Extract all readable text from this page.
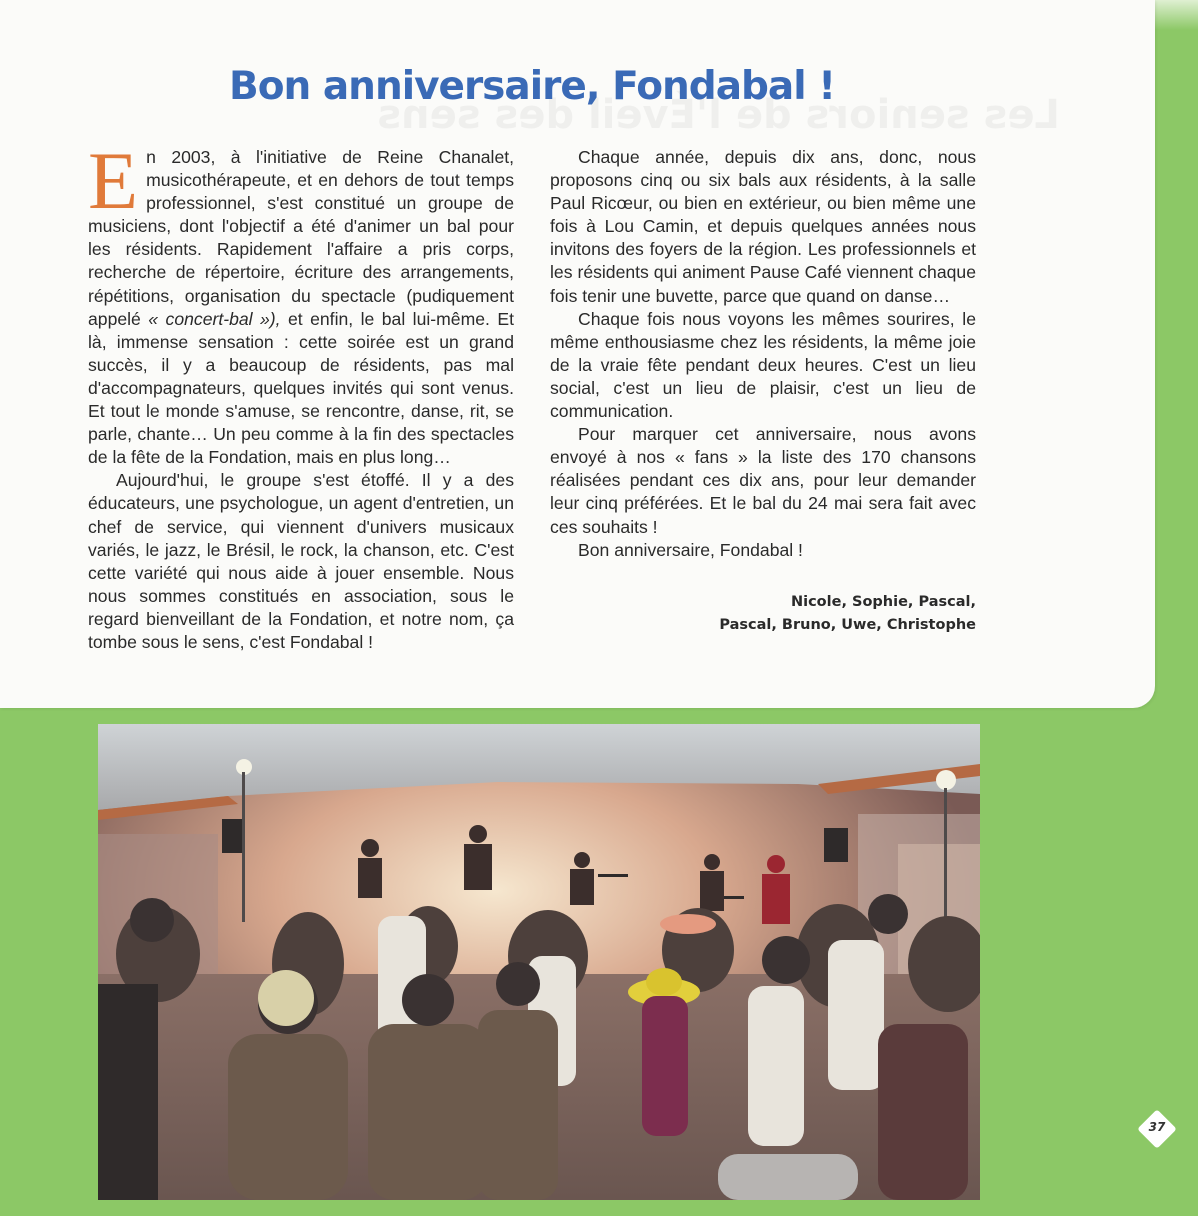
Bon anniversaire, Fondabal !

En 2003, à l'initiative de Reine Chanalet, musicothérapeute, et en dehors de tout temps professionnel, s'est constitué un groupe de musiciens, dont l'objectif a été d'animer un bal pour les résidents. Rapidement l'affaire a pris corps, recherche de répertoire, écriture des arrangements, répétitions, organisation du spectacle (pudiquement appelé « concert-bal »), et enfin, le bal lui-même. Et là, immense sensation : cette soirée est un grand succès, il y a beaucoup de résidents, pas mal d'accompagnateurs, quelques invités qui sont venus. Et tout le monde s'amuse, se rencontre, danse, rit, se parle, chante… Un peu comme à la fin des spectacles de la fête de la Fondation, mais en plus long…

Aujourd'hui, le groupe s'est étoffé. Il y a des éducateurs, une psychologue, un agent d'entretien, un chef de service, qui viennent d'univers musicaux variés, le jazz, le Brésil, le rock, la chanson, etc. C'est cette variété qui nous aide à jouer ensemble. Nous nous sommes constitués en association, sous le regard bienveillant de la Fondation, et notre nom, ça tombe sous le sens, c'est Fondabal !

Chaque année, depuis dix ans, donc, nous proposons cinq ou six bals aux résidents, à la salle Paul Ricœur, ou bien en extérieur, ou bien même une fois à Lou Camin, et depuis quelques années nous invitons des foyers de la région. Les professionnels et les résidents qui animent Pause Café viennent chaque fois tenir une buvette, parce que quand on danse…

Chaque fois nous voyons les mêmes sourires, le même enthousiasme chez les résidents, la même joie de la vraie fête pendant deux heures. C'est un lieu social, c'est un lieu de plaisir, c'est un lieu de communication.

Pour marquer cet anniversaire, nous avons envoyé à nos « fans » la liste des 170 chansons réalisées pendant ces dix ans, pour leur demander leur cinq préférées. Et le bal du 24 mai sera fait avec ces souhaits !

Bon anniversaire, Fondabal !

Nicole, Sophie, Pascal,
Pascal, Bruno, Uwe, Christophe
37
